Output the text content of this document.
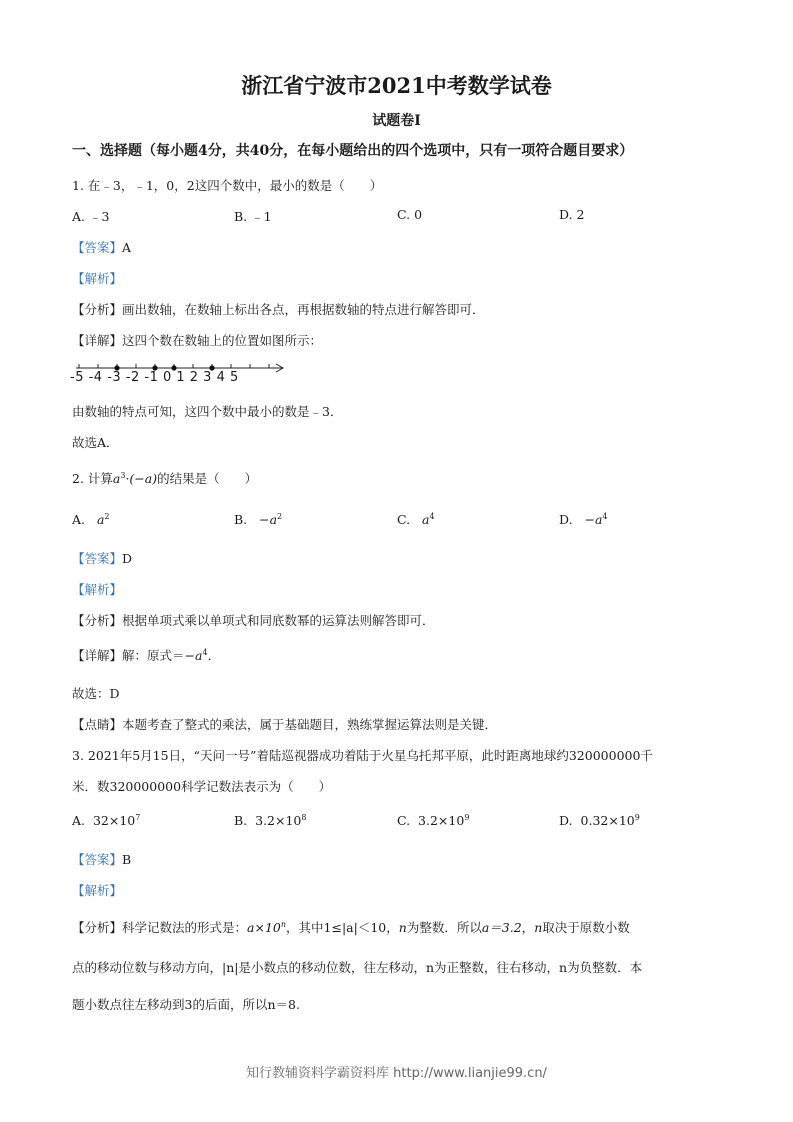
浙江省宁波市2021中考数学试卷
试题卷Ⅰ
一、选择题（每小题4分，共40分，在每小题给出的四个选项中，只有一项符合题目要求）
1. 在﹣3，﹣1，0，2这四个数中，最小的数是（　　）
A. ﹣3	B. ﹣1	C. 0	D. 2
【答案】A
【解析】
【分析】画出数轴，在数轴上标出各点，再根据数轴的特点进行解答即可．
【详解】这四个数在数轴上的位置如图所示：
-5 -4 -3 -2 -1 0 1 2 3 4 5
由数轴的特点可知，这四个数中最小的数是﹣3．
故选A．
2. 计算$a^3\cdot(-a)$的结果是（　　）
A. $a^2$	B. $-a^2$	C. $a^4$	D. $-a^4$
【答案】D
【解析】
【分析】根据单项式乘以单项式和同底数幂的运算法则解答即可．
【详解】解：原式$=-a^4$．
故选：D
【点睛】本题考查了整式的乘法，属于基础题目，熟练掌握运算法则是关键．
3. 2021年5月15日，“天问一号”着陆巡视器成功着陆于火星乌托邦平原，此时距离地球约320000000千
米．数320000000科学记数法表示为（　　）
A. $32\times 10^7$	B. $3.2\times 10^8$	C. $3.2\times 10^9$	D. $0.32\times 10^9$
【答案】B
【解析】
【分析】科学记数法的形式是：$a\times 10^n$，其中1≤|a|＜10，n为整数．所以a＝3.2，n取决于原数小数
点的移动位数与移动方向，|n|是小数点的移动位数，往左移动，n为正整数，往右移动，n为负整数．本
题小数点往左移动到3的后面，所以n＝8.
知行教辅资料学霸资料库 http://www.lianjie99.cn/
